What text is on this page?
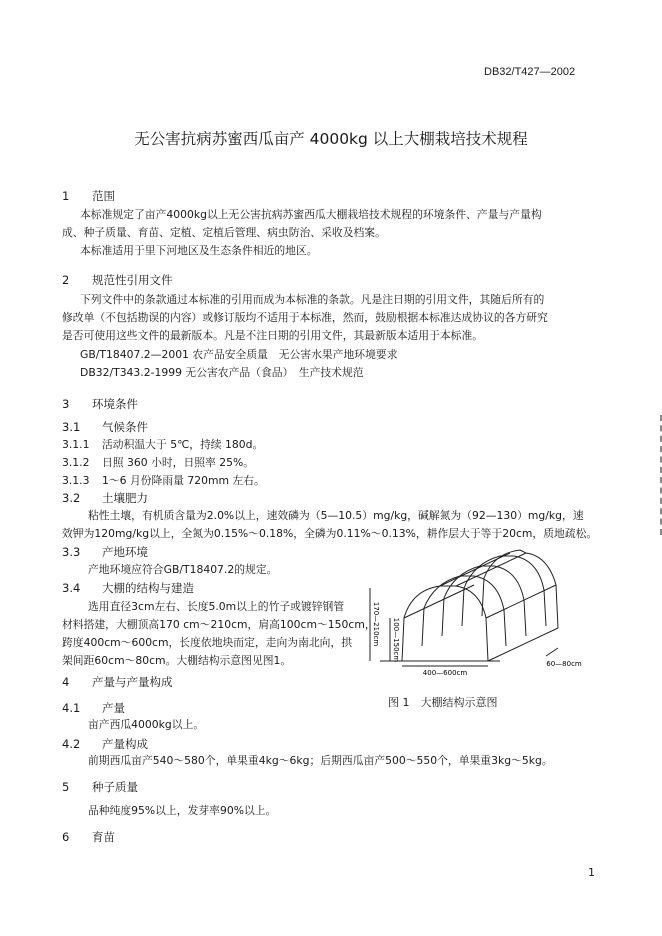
DB32/T427—2002
无公害抗病苏蜜西瓜亩产 4000kg 以上大棚栽培技术规程
1 范围
本标准规定了亩产4000kg以上无公害抗病苏蜜西瓜大棚栽培技术规程的环境条件、产量与产量构
成、种子质量、育苗、定植、定植后管理、病虫防治、采收及档案。
本标准适用于里下河地区及生态条件相近的地区。
2 规范性引用文件
下列文件中的条款通过本标准的引用而成为本标准的条款。凡是注日期的引用文件，其随后所有的
修改单（不包括勘误的内容）或修订版均不适用于本标准，然而，鼓励根据本标准达成协议的各方研究
是否可使用这些文件的最新版本。凡是不注日期的引用文件，其最新版本适用于本标准。
GB/T18407.2—2001 农产品安全质量　无公害水果产地环境要求
DB32/T343.2-1999 无公害农产品（食品）　生产技术规范
3 环境条件
3.1 气候条件
3.1.1 活动积温大于 5℃，持续 180d。
3.1.2 日照 360 小时，日照率 25%。
3.1.3 1～6 月份降雨量 720mm 左右。
3.2 土壤肥力
粘性土壤，有机质含量为2.0%以上，速效磷为（5—10.5）mg/kg，碱解氮为（92—130）mg/kg，速
效钾为120mg/kg以上，全氮为0.15%～0.18%，全磷为0.11%～0.13%，耕作层大于等于20cm，质地疏松。
3.3 产地环境
产地环境应符合GB/T18407.2的规定。
3.4 大棚的结构与建造
选用直径3cm左右、长度5.0m以上的竹子或镀锌钢管
材料搭建，大棚顶高170 cm～210cm，肩高100cm～150cm，
跨度400cm～600cm，长度依地块而定，走向为南北向，拱
架间距60cm～80cm。大棚结构示意图见图1。
170—210cm 100—150cm
400—600cm
60—80cm
图 1　大棚结构示意图
4 产量与产量构成
4.1 产量
亩产西瓜4000kg以上。
4.2 产量构成
前期西瓜亩产540～580个，单果重4kg～6kg；后期西瓜亩产500～550个，单果重3kg～5kg。
5 种子质量
品种纯度95%以上，发芽率90%以上。
6 育苗
1
